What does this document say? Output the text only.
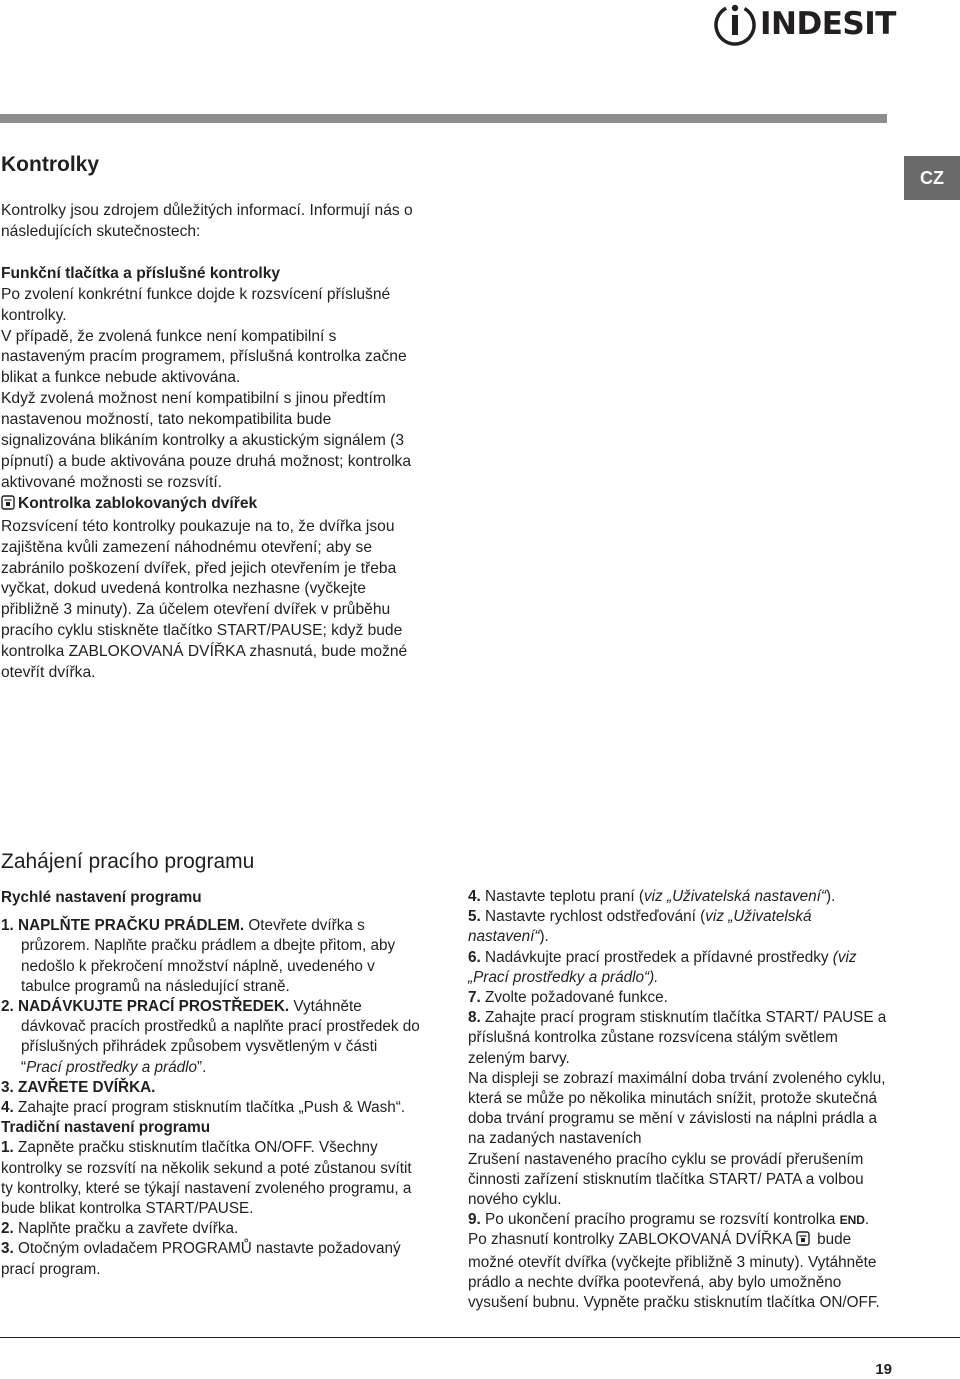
INDESIT
CZ
Kontrolky

Kontrolky jsou zdrojem důležitých informací. Informují nás o následujících skutečnostech:

Funkční tlačítka a příslušné kontrolky

Po zvolení konkrétní funkce dojde k rozsvícení příslušné kontrolky.

V případě, že zvolená funkce není kompatibilní s nastaveným pracím programem, příslušná kontrolka začne blikat a funkce nebude aktivována.

Když zvolená možnost není kompatibilní s jinou předtím nastavenou možností, tato nekompatibilita bude signalizována blikáním kontrolky a akustickým signálem (3 pípnutí) a bude aktivována pouze druhá možnost; kontrolka aktivované možnosti se rozsvítí.

Kontrolka zablokovaných dvířek

Rozsvícení této kontrolky poukazuje na to, že dvířka jsou zajištěna kvůli zamezení náhodnému otevření; aby se zabránilo poškození dvířek, před jejich otevřením je třeba vyčkat, dokud uvedená kontrolka nezhasne (vyčkejte přibližně 3 minuty). Za účelem otevření dvířek v průběhu pracího cyklu stiskněte tlačítko START/PAUSE; když bude kontrolka ZABLOKOVANÁ DVÍŘKA zhasnutá, bude možné otevřít dvířka.

Zahájení pracího programu

Rychlé nastavení programu

1. NAPLŇTE PRAČKU PRÁDLEM. Otevřete dvířka s průzorem. Naplňte pračku prádlem a dbejte přitom, aby nedošlo k překročení množství náplně, uvedeného v tabulce programů na následující straně.

2. NADÁVKUJTE PRACÍ PROSTŘEDEK. Vytáhněte dávkovač pracích prostředků a naplňte prací prostředek do příslušných přihrádek způsobem vysvětleným v části “Prací prostředky a prádlo”.

3. ZAVŘETE DVÍŘKA.

4. Zahajte prací program stisknutím tlačítka „Push & Wash“.

Tradiční nastavení programu

1. Zapněte pračku stisknutím tlačítka ON/OFF. Všechny kontrolky se rozsvítí na několik sekund a poté zůstanou svítit ty kontrolky, které se týkají nastavení zvoleného programu, a bude blikat kontrolka START/PAUSE.

2. Naplňte pračku a zavřete dvířka.

3. Otočným ovladačem PROGRAMŮ nastavte požadovaný prací program.

4. Nastavte teplotu praní (viz „Uživatelská nastavení“).

5. Nastavte rychlost odstřeďování (viz „Uživatelská nastavení“).

6. Nadávkujte prací prostředek a přídavné prostředky (viz „Prací prostředky a prádlo“).

7. Zvolte požadované funkce.

8. Zahajte prací program stisknutím tlačítka START/ PAUSE a příslušná kontrolka zůstane rozsvícena stálým světlem zeleným barvy.

Na displeji se zobrazí maximální doba trvání zvoleného cyklu, která se může po několika minutách snížit, protože skutečná doba trvání programu se mění v závislosti na náplni prádla a na zadaných nastaveních

Zrušení nastaveného pracího cyklu se provádí přerušením činnosti zařízení stisknutím tlačítka START/ PATA a volbou nového cyklu.

9. Po ukončení pracího programu se rozsvítí kontrolka END. Po zhasnutí kontrolky ZABLOKOVANÁ DVÍŘKA  bude možné otevřít dvířka (vyčkejte přibližně 3 minuty). Vytáhněte prádlo a nechte dvířka pootevřená, aby bylo umožněno vysušení bubnu. Vypněte pračku stisknutím tlačítka ON/OFF.

19
